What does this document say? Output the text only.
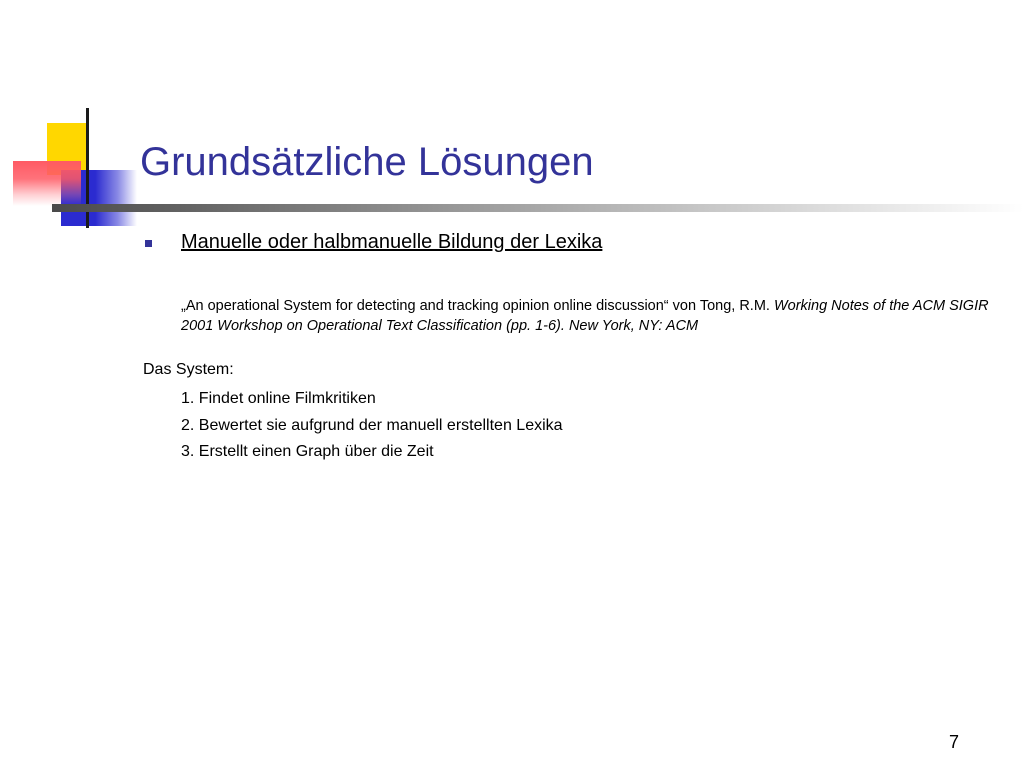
Grundsätzliche Lösungen
Manuelle oder halbmanuelle Bildung der Lexika
„An operational System for detecting and tracking opinion online discussion“ von Tong, R.M. Working Notes of the ACM SIGIR 2001 Workshop on Operational Text Classification (pp. 1-6). New York, NY: ACM
Das System:
1. Findet online Filmkritiken
2. Bewertet sie aufgrund der manuell erstellten Lexika
3. Erstellt einen Graph über die Zeit
7
